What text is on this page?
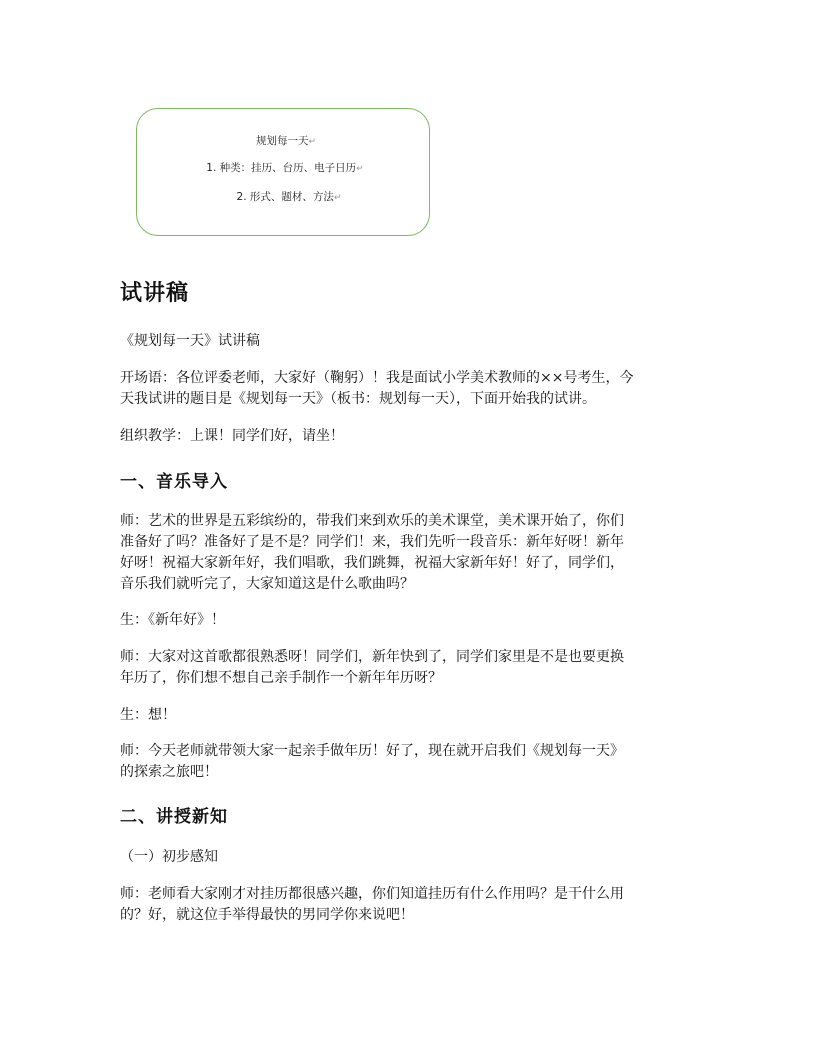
规划每一天↵
1. 种类：挂历、台历、电子日历↵
2. 形式、题材、方法↵
试讲稿

《规划每一天》试讲稿

开场语：各位评委老师，大家好（鞠躬）！我是面试小学美术教师的××号考生，今
天我试讲的题目是《规划每一天》（板书：规划每一天），下面开始我的试讲。

组织教学：上课！同学们好，请坐！

一、音乐导入

师：艺术的世界是五彩缤纷的，带我们来到欢乐的美术课堂，美术课开始了，你们
准备好了吗？准备好了是不是？同学们！来，我们先听一段音乐：新年好呀！新年
好呀！祝福大家新年好，我们唱歌，我们跳舞，祝福大家新年好！好了，同学们，
音乐我们就听完了，大家知道这是什么歌曲吗？

生：《新年好》！

师：大家对这首歌都很熟悉呀！同学们，新年快到了，同学们家里是不是也要更换
年历了，你们想不想自己亲手制作一个新年年历呀？

生：想！

师：今天老师就带领大家一起亲手做年历！好了，现在就开启我们《规划每一天》
的探索之旅吧！

二、讲授新知

（一）初步感知

师：老师看大家刚才对挂历都很感兴趣，你们知道挂历有什么作用吗？是干什么用
的？好，就这位手举得最快的男同学你来说吧！
